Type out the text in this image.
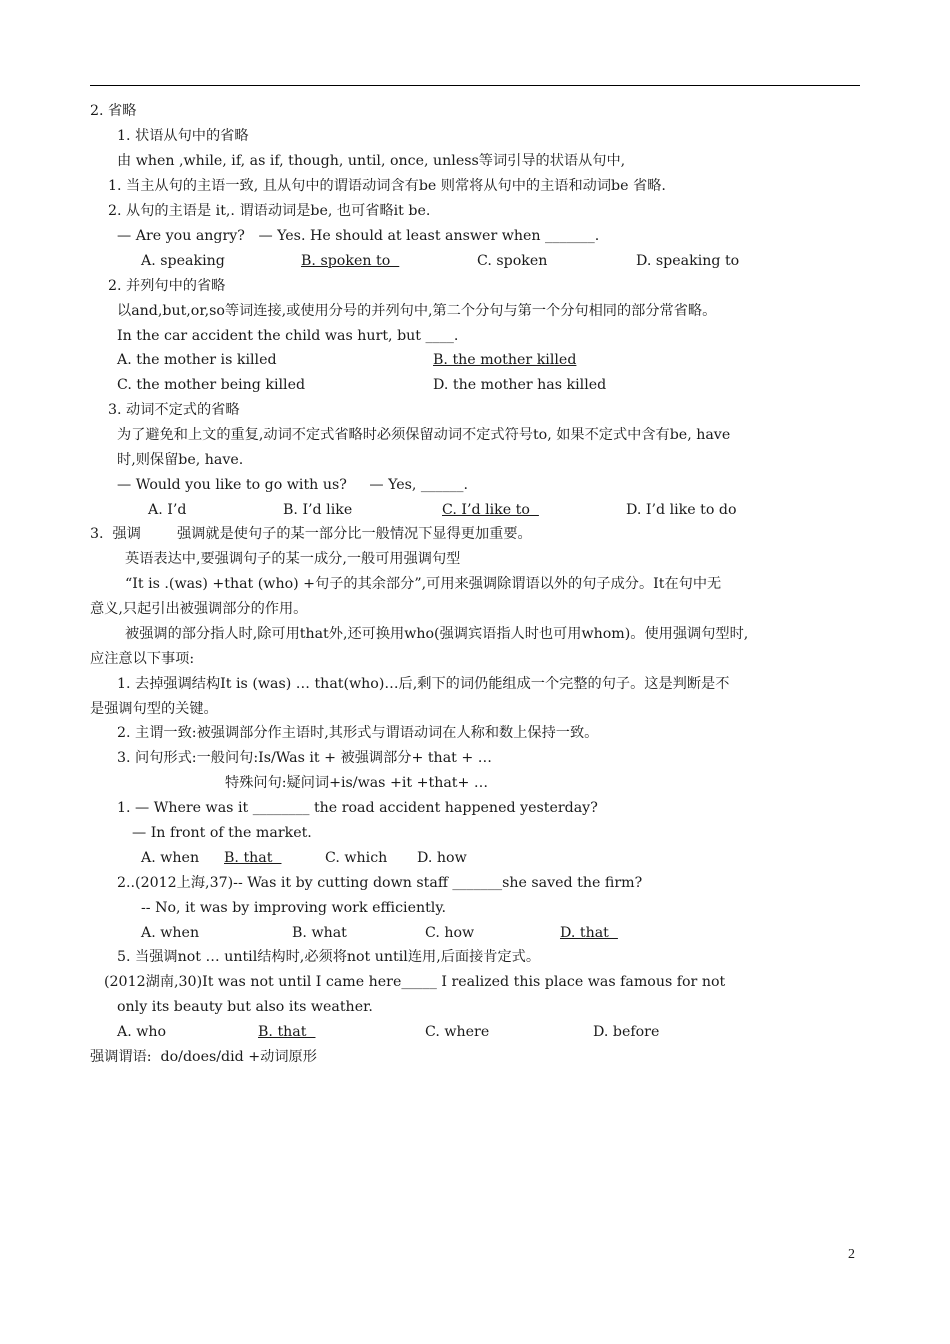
2. 省略
1. 状语从句中的省略
由 when ,while, if, as if, though, until, once, unless等词引导的状语从句中,
1. 当主从句的主语一致, 且从句中的谓语动词含有be 则常将从句中的主语和动词be 省略.
2. 从句的主语是 it,. 谓语动词是be, 也可省略it be.
— Are you angry?   — Yes. He should at least answer when _______.
以and,but,or,so等词连接,或使用分号的并列句中,第二个分句与第一个分句相同的部分常省略。
In the car accident the child was hurt, but ____.
3. 动词不定式的省略
为了避免和上文的重复,动词不定式省略时必须保留动词不定式符号to, 如果不定式中含有be, have
时,则保留be, have.
— Would you like to go with us?     — Yes, ______.
3.  强调        强调就是使句子的某一部分比一般情况下显得更加重要。
英语表达中,要强调句子的某一成分,一般可用强调句型
“It is .(was) +that (who) +句子的其余部分”,可用来强调除谓语以外的句子成分。It在句中无
意义,只起引出被强调部分的作用。
被强调的部分指人时,除可用that外,还可换用who(强调宾语指人时也可用whom)。使用强调句型时,
应注意以下事项:
1. 去掉强调结构It is (was) … that(who)…后,剩下的词仍能组成一个完整的句子。这是判断是不
是强调句型的关键。
2. 主谓一致:被强调部分作主语时,其形式与谓语动词在人称和数上保持一致。
3. 问句形式:一般问句:Is/Was it + 被强调部分+ that + …
特殊问句:疑问词+is/was +it +that+ …
1. — Where was it ________ the road accident happened yesterday?
— In front of the market.
2..(2012上海,37)-- Was it by cutting down staff _______she saved the firm?
-- No, it was by improving work efficiently.
5. 当强调not … until结构时,必须将not until连用,后面接肯定式。
(2012湖南,30)It was not until I came here_____ I realized this place was famous for not
only its beauty but also its weather.
强调谓语:  do/does/did +动词原形
2. 并列句中的省略
A. speaking	B. spoken to	C. spoken	D. speaking to
A. the mother is killed	B. the mother killed
C. the mother being killed	D. the mother has killed
A. I’d	B. I’d like	C. I’d like to	D. I’d like to do
A. when B. that	C. which D. how
A. when	B. what	C. how	D. that
A. who	B. that	C. where	D. before
2
